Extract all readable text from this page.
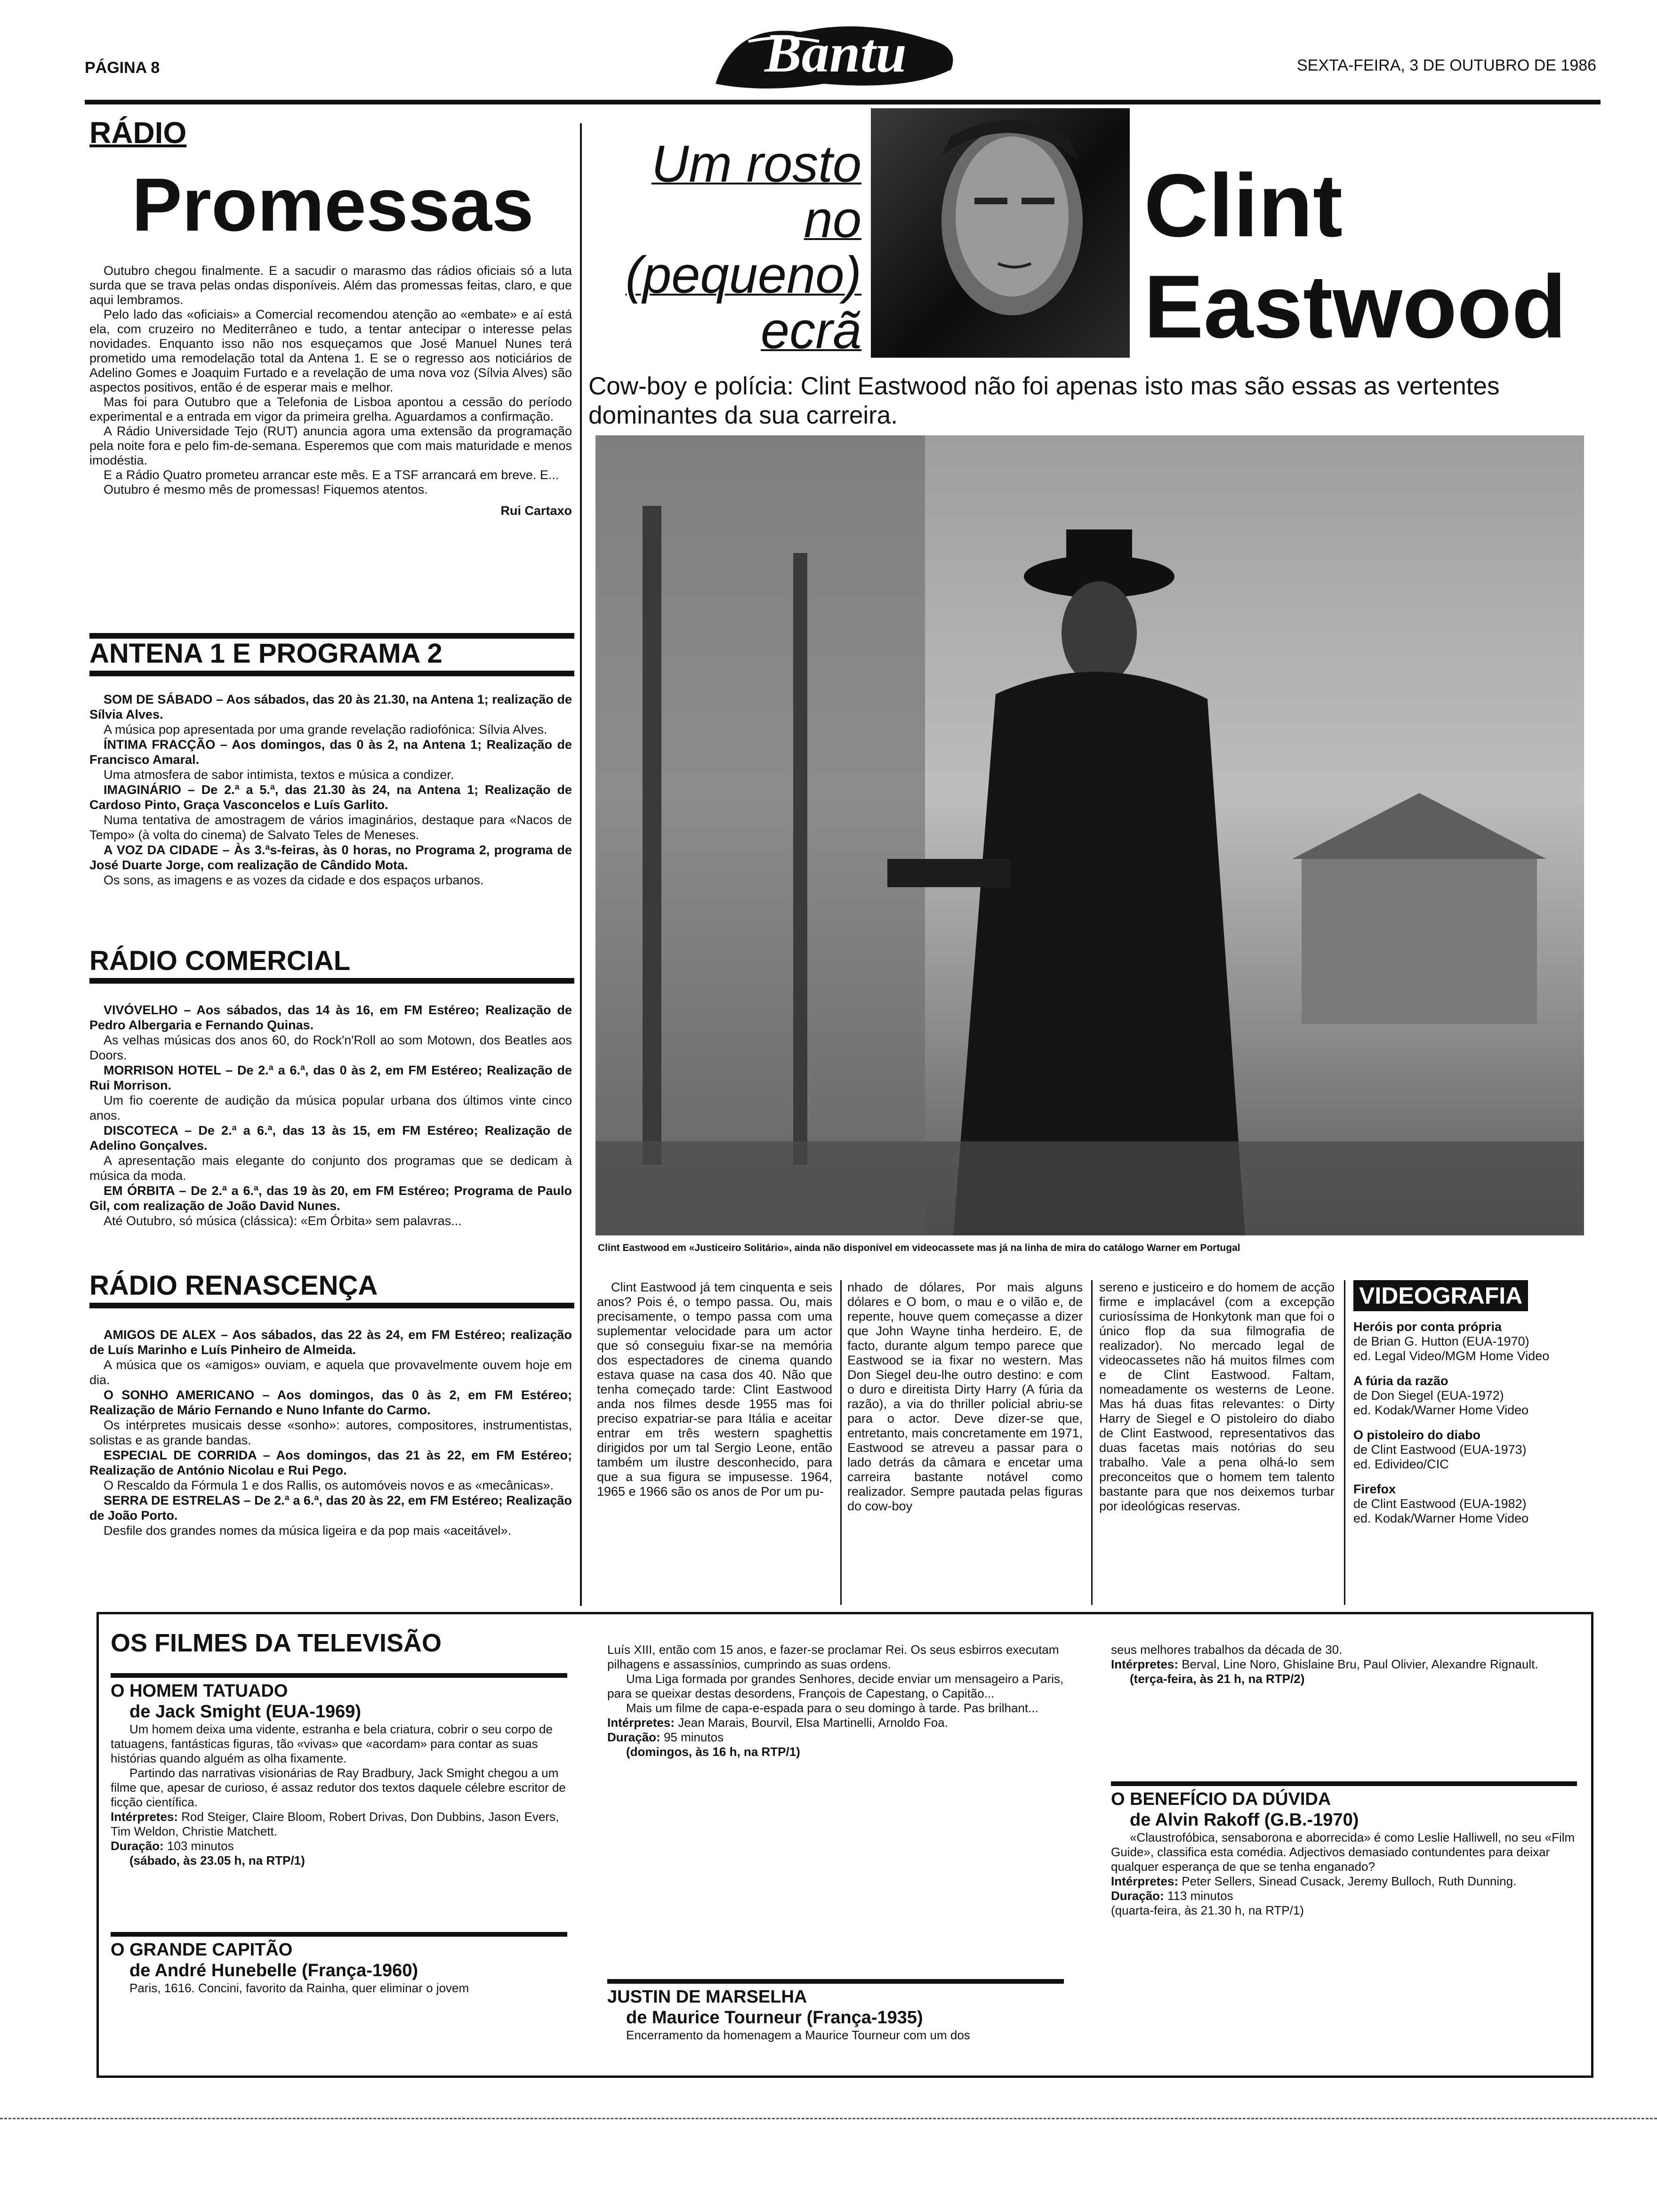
PÁGINA 8	Bantu	SEXTA-FEIRA, 3 DE OUTUBRO DE 1986
RÁDIO
Promessas

Outubro chegou finalmente. E a sacudir o marasmo das rádios oficiais só a luta surda que se trava pelas ondas disponíveis. Além das promessas feitas, claro, e que aqui lembramos.

Pelo lado das «oficiais» a Comercial recomendou atenção ao «embate» e aí está ela, com cruzeiro no Mediterrâneo e tudo, a tentar antecipar o interesse pelas novidades. Enquanto isso não nos esqueçamos que José Manuel Nunes terá prometido uma remodelação total da Antena 1. E se o regresso aos noticiários de Adelino Gomes e Joaquim Furtado e a revelação de uma nova voz (Sílvia Alves) são aspectos positivos, então é de esperar mais e melhor.

Mas foi para Outubro que a Telefonia de Lisboa apontou a cessão do período experimental e a entrada em vigor da primeira grelha. Aguardamos a confirmação.

A Rádio Universidade Tejo (RUT) anuncia agora uma extensão da programação pela noite fora e pelo fim-de-semana. Esperemos que com mais maturidade e menos imodéstia.

E a Rádio Quatro prometeu arrancar este mês. E a TSF arrancará em breve. E...

Outubro é mesmo mês de promessas! Fiquemos atentos.

Rui Cartaxo

ANTENA 1 E PROGRAMA 2

SOM DE SÁBADO – Aos sábados, das 20 às 21.30, na Antena 1; realização de Sílvia Alves.

A música pop apresentada por uma grande revelação radiofónica: Sílvia Alves.

ÍNTIMA FRACÇÃO – Aos domingos, das 0 às 2, na Antena 1; Realização de Francisco Amaral.

Uma atmosfera de sabor intimista, textos e música a condizer.

IMAGINÁRIO – De 2.ª a 5.ª, das 21.30 às 24, na Antena 1; Realização de Cardoso Pinto, Graça Vasconcelos e Luís Garlito.

Numa tentativa de amostragem de vários imaginários, destaque para «Nacos de Tempo» (à volta do cinema) de Salvato Teles de Meneses.

A VOZ DA CIDADE – Às 3.ªs-feiras, às 0 horas, no Programa 2, programa de José Duarte Jorge, com realização de Cândido Mota.

Os sons, as imagens e as vozes da cidade e dos espaços urbanos.

RÁDIO COMERCIAL

VIVÓVELHO – Aos sábados, das 14 às 16, em FM Estéreo; Realização de Pedro Albergaria e Fernando Quinas.

As velhas músicas dos anos 60, do Rock'n'Roll ao som Motown, dos Beatles aos Doors.

MORRISON HOTEL – De 2.ª a 6.ª, das 0 às 2, em FM Estéreo; Realização de Rui Morrison.

Um fio coerente de audição da música popular urbana dos últimos vinte cinco anos.

DISCOTECA – De 2.ª a 6.ª, das 13 às 15, em FM Estéreo; Realização de Adelino Gonçalves.

A apresentação mais elegante do conjunto dos programas que se dedicam à música da moda.

EM ÓRBITA – De 2.ª a 6.ª, das 19 às 20, em FM Estéreo; Programa de Paulo Gil, com realização de João David Nunes.

Até Outubro, só música (clássica): «Em Órbita» sem palavras...

RÁDIO RENASCENÇA

AMIGOS DE ALEX – Aos sábados, das 22 às 24, em FM Estéreo; realização de Luís Marinho e Luís Pinheiro de Almeida.

A música que os «amigos» ouviam, e aquela que provavelmente ouvem hoje em dia.

O SONHO AMERICANO – Aos domingos, das 0 às 2, em FM Estéreo; Realização de Mário Fernando e Nuno Infante do Carmo.

Os intérpretes musicais desse «sonho»: autores, compositores, instrumentistas, solistas e as grande bandas.

ESPECIAL DE CORRIDA – Aos domingos, das 21 às 22, em FM Estéreo; Realização de António Nicolau e Rui Pego.

O Rescaldo da Fórmula 1 e dos Rallis, os automóveis novos e as «mecânicas».

SERRA DE ESTRELAS – De 2.ª a 6.ª, das 20 às 22, em FM Estéreo; Realização de João Porto.

Desfile dos grandes nomes da música ligeira e da pop mais «aceitável».

Um rosto
no
(pequeno)
ecrã
Clint
Eastwood
Cow-boy e polícia: Clint Eastwood não foi apenas isto mas são essas as vertentes dominantes da sua carreira.
Clint Eastwood em «Justiceiro Solitário», ainda não disponível em videocassete mas já na linha de mira do catálogo Warner em Portugal
Clint Eastwood já tem cinquenta e seis anos? Pois é, o tempo passa. Ou, mais precisamente, o tempo passa com uma suplementar velocidade para um actor que só conseguiu fixar-se na memória dos espectadores de cinema quando estava quase na casa dos 40. Não que tenha começado tarde: Clint Eastwood anda nos filmes desde 1955 mas foi preciso expatriar-se para Itália e aceitar entrar em três western spaghettis dirigidos por um tal Sergio Leone, então também um ilustre desconhecido, para que a sua figura se impusesse. 1964, 1965 e 1966 são os anos de Por um pu-
nhado de dólares, Por mais alguns dólares e O bom, o mau e o vilão e, de repente, houve quem começasse a dizer que John Wayne tinha herdeiro. E, de facto, durante algum tempo parece que Eastwood se ia fixar no western. Mas Don Siegel deu-lhe outro destino: e com o duro e direitista Dirty Harry (A fúria da razão), a via do thriller policial abriu-se para o actor. Deve dizer-se que, entretanto, mais concretamente em 1971, Eastwood se atreveu a passar para o lado detrás da câmara e encetar uma carreira bastante notável como realizador. Sempre pautada pelas figuras do cow-boy
sereno e justiceiro e do homem de acção firme e implacável (com a excepção curiosíssima de Honkytonk man que foi o único flop da sua filmografia de realizador). No mercado legal de videocassetes não há muitos filmes com e de Clint Eastwood. Faltam, nomeadamente os westerns de Leone. Mas há duas fitas relevantes: o Dirty Harry de Siegel e O pistoleiro do diabo de Clint Eastwood, representativos das duas facetas mais notórias do seu trabalho. Vale a pena olhá-lo sem preconceitos que o homem tem talento bastante para que nos deixemos turbar por ideológicas reservas.
VIDEOGRAFIA

Heróis por conta própria

de Brian G. Hutton (EUA-1970)

ed. Legal Video/MGM Home Video

A fúria da razão

de Don Siegel (EUA-1972)

ed. Kodak/Warner Home Video

O pistoleiro do diabo

de Clint Eastwood (EUA-1973)

ed. Edivideo/CIC

Firefox

de Clint Eastwood (EUA-1982)

ed. Kodak/Warner Home Video

OS FILMES DA TELEVISÃO
O HOMEM TATUADO
de Jack Smight (EUA-1969)

Um homem deixa uma vidente, estranha e bela criatura, cobrir o seu corpo de tatuagens, fantásticas figuras, tão «vivas» que «acordam» para contar as suas histórias quando alguém as olha fixamente.

Partindo das narrativas visionárias de Ray Bradbury, Jack Smight chegou a um filme que, apesar de curioso, é assaz redutor dos textos daquele célebre escritor de ficção científica.

Intérpretes: Rod Steiger, Claire Bloom, Robert Drivas, Don Dubbins, Jason Evers, Tim Weldon, Christie Matchett.

Duração: 103 minutos

(sábado, às 23.05 h, na RTP/1)

O GRANDE CAPITÃO
de André Hunebelle (França-1960)

Paris, 1616. Concini, favorito da Rainha, quer eliminar o jovem

Luís XIII, então com 15 anos, e fazer-se proclamar Rei. Os seus esbirros executam pilhagens e assassínios, cumprindo as suas ordens.

Uma Liga formada por grandes Senhores, decide enviar um mensageiro a Paris, para se queixar destas desordens, François de Capestang, o Capitão...

Mais um filme de capa-e-espada para o seu domingo à tarde. Pas brilhant...

Intérpretes: Jean Marais, Bourvil, Elsa Martinelli, Arnoldo Foa.

Duração: 95 minutos

(domingos, às 16 h, na RTP/1)

JUSTIN DE MARSELHA
de Maurice Tourneur (França-1935)

Encerramento da homenagem a Maurice Tourneur com um dos

seus melhores trabalhos da década de 30.

Intérpretes: Berval, Line Noro, Ghislaine Bru, Paul Olivier, Alexandre Rignault.

(terça-feira, às 21 h, na RTP/2)

O BENEFÍCIO DA DÚVIDA
de Alvin Rakoff (G.B.-1970)

«Claustrofóbica, sensaborona e aborrecida» é como Leslie Halliwell, no seu «Film Guide», classifica esta comédia. Adjectivos demasiado contundentes para deixar qualquer esperança de que se tenha enganado?

Intérpretes: Peter Sellers, Sinead Cusack, Jeremy Bulloch, Ruth Dunning.

Duração: 113 minutos

(quarta-feira, às 21.30 h, na RTP/1)
